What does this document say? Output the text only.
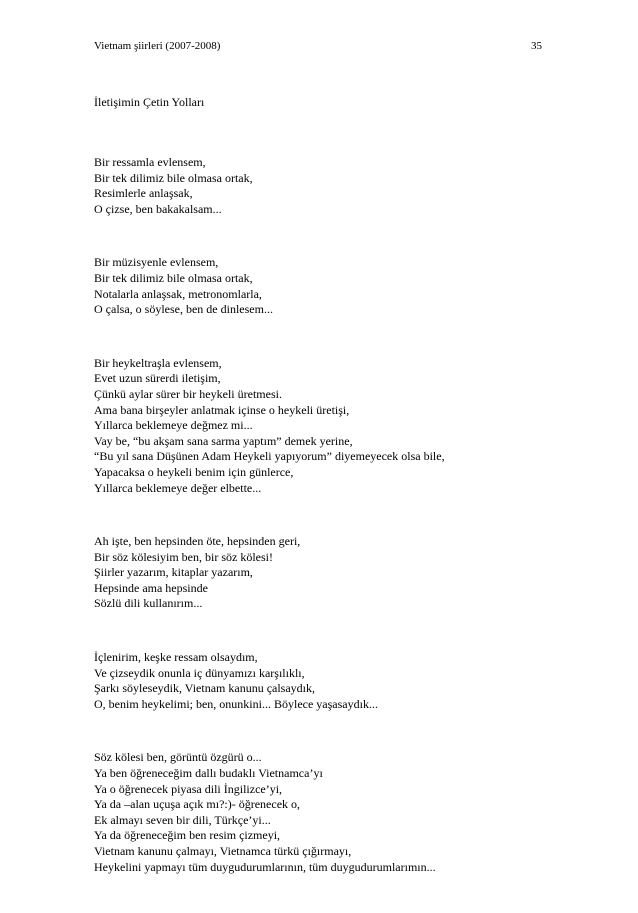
Vietnam şiirleri (2007-2008)	35
İletişimin Çetin Yolları
Bir ressamla evlensem,
Bir tek dilimiz bile olmasa ortak,
Resimlerle anlaşsak,
O çizse, ben bakakalsam...
Bir müzisyenle evlensem,
Bir tek dilimiz bile olmasa ortak,
Notalarla anlaşsak, metronomlarla,
O çalsa, o söylese, ben de dinlesem...
Bir heykeltraşla evlensem,
Evet uzun sürerdi iletişim,
Çünkü aylar sürer bir heykeli üretmesi.
Ama bana birşeyler anlatmak içinse o heykeli üretişi,
Yıllarca beklemeye değmez mi...
Vay be, “bu akşam sana sarma yaptım” demek yerine,
“Bu yıl sana Düşünen Adam Heykeli yapıyorum” diyemeyecek olsa bile,
Yapacaksa o heykeli benim için günlerce,
Yıllarca beklemeye değer elbette...
Ah işte, ben hepsinden öte, hepsinden geri,
Bir söz kölesiyim ben, bir söz kölesi!
Şiirler yazarım, kitaplar yazarım,
Hepsinde ama hepsinde
Sözlü dili kullanırım...
İçlenirim, keşke ressam olsaydım,
Ve çizseydik onunla iç dünyamızı karşılıklı,
Şarkı söyleseydik, Vietnam kanunu çalsaydık,
O, benim heykelimi; ben, onunkini... Böylece yaşasaydık...
Söz kölesi ben, görüntü özgürü o...
Ya ben öğreneceğim dallı budaklı Vietnamca’yı
Ya o öğrenecek piyasa dili İngilizce’yi,
Ya da –alan uçuşa açık mı?:)- öğrenecek o,
Ek almayı seven bir dili, Türkçe’yi...
Ya da öğreneceğim ben resim çizmeyi,
Vietnam kanunu çalmayı, Vietnamca türkü çığırmayı,
Heykelini yapmayı tüm duygudurumlarının, tüm duygudurumlarımın...
